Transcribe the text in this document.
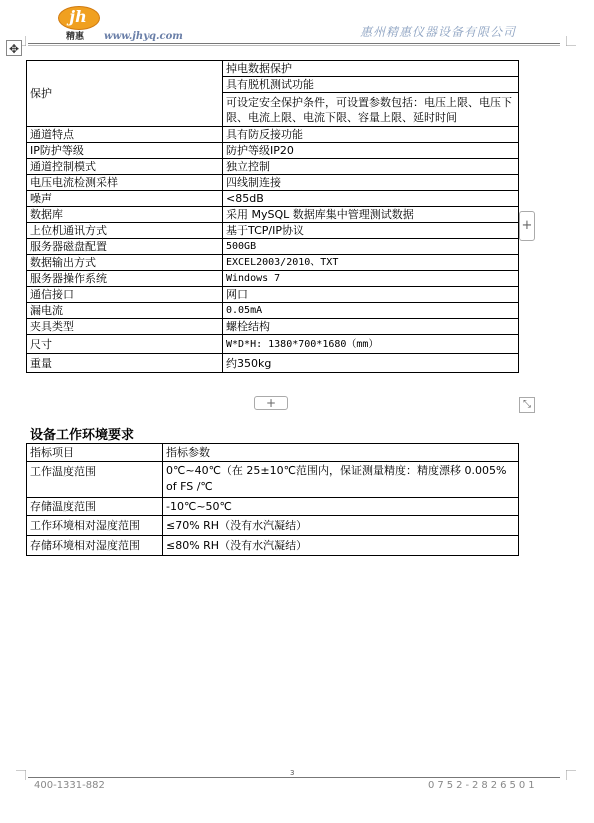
jh
精惠 www.jhyq.com	惠州精惠仪器设备有限公司
✥
+
保护	掉电数据保护
	具有脱机测试功能
	可设定安全保护条件，可设置参数包括：电压上限、电压下限、电流上限、电流下限、容量上限、延时时间
通道特点	具有防反接功能
IP防护等级	防护等级IP20
通道控制模式	独立控制
电压电流检测采样	四线制连接
噪声	<85dB
数据库	采用 MySQL 数据库集中管理测试数据
上位机通讯方式	基于TCP/IP协议
服务器磁盘配置	500GB
数据输出方式	EXCEL2003/2010、TXT
服务器操作系统	Windows 7
通信接口	网口
漏电流	0.05mA
夹具类型	螺栓结构
尺寸	W*D*H: 1380*700*1680（mm）
重量	约350kg
+	⤡
设备工作环境要求
指标项目	指标参数
工作温度范围	0℃~40℃（在 25±10℃范围内，保证测量精度：精度漂移 0.005% of FS /℃
存储温度范围	-10℃~50℃
工作环境相对湿度范围	≤70% RH（没有水汽凝结）
存储环境相对湿度范围	≤80% RH（没有水汽凝结）
3
400-1331-882	0752-2826501
